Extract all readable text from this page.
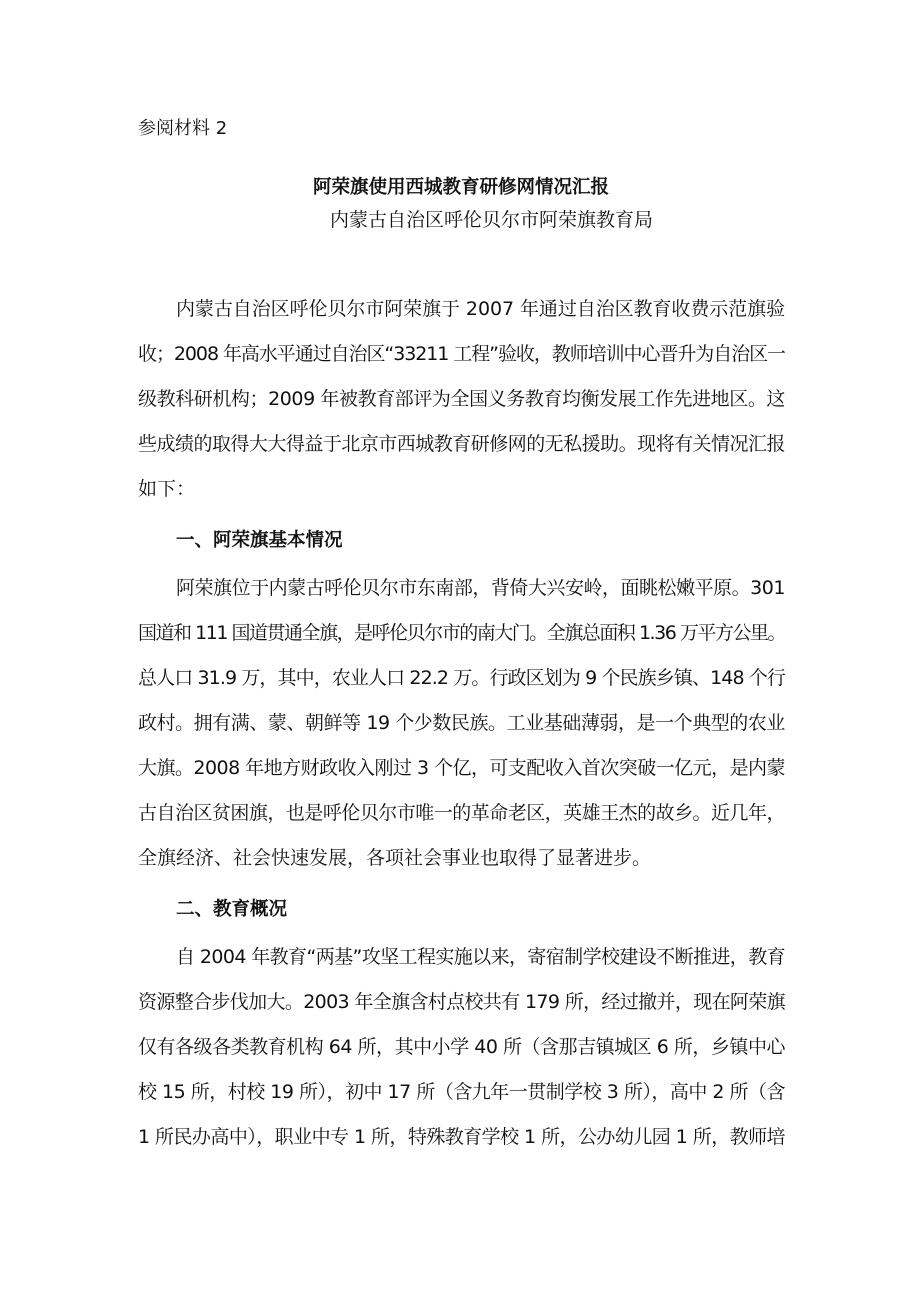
参阅材料 2
阿荣旗使用西城教育研修网情况汇报
内蒙古自治区呼伦贝尔市阿荣旗教育局
内蒙古自治区呼伦贝尔市阿荣旗于 2007 年通过自治区教育收费示范旗验
收；2008 年高水平通过自治区“33211 工程”验收，教师培训中心晋升为自治区一
级教科研机构；2009 年被教育部评为全国义务教育均衡发展工作先进地区。这
些成绩的取得大大得益于北京市西城教育研修网的无私援助。现将有关情况汇报
如下：
一、阿荣旗基本情况
阿荣旗位于内蒙古呼伦贝尔市东南部，背倚大兴安岭，面眺松嫩平原。301
国道和 111 国道贯通全旗，是呼伦贝尔市的南大门。全旗总面积 1.36 万平方公里。
总人口 31.9 万，其中，农业人口 22.2 万。行政区划为 9 个民族乡镇、148 个行
政村。拥有满、蒙、朝鲜等 19 个少数民族。工业基础薄弱，是一个典型的农业
大旗。2008 年地方财政收入刚过 3 个亿，可支配收入首次突破一亿元，是内蒙
古自治区贫困旗，也是呼伦贝尔市唯一的革命老区，英雄王杰的故乡。近几年，
全旗经济、社会快速发展，各项社会事业也取得了显著进步。
二、教育概况
自 2004 年教育“两基”攻坚工程实施以来，寄宿制学校建设不断推进，教育
资源整合步伐加大。2003 年全旗含村点校共有 179 所，经过撤并，现在阿荣旗
仅有各级各类教育机构 64 所，其中小学 40 所（含那吉镇城区 6 所，乡镇中心
校 15 所，村校 19 所），初中 17 所（含九年一贯制学校 3 所），高中 2 所（含
1 所民办高中），职业中专 1 所，特殊教育学校 1 所，公办幼儿园 1 所，教师培
